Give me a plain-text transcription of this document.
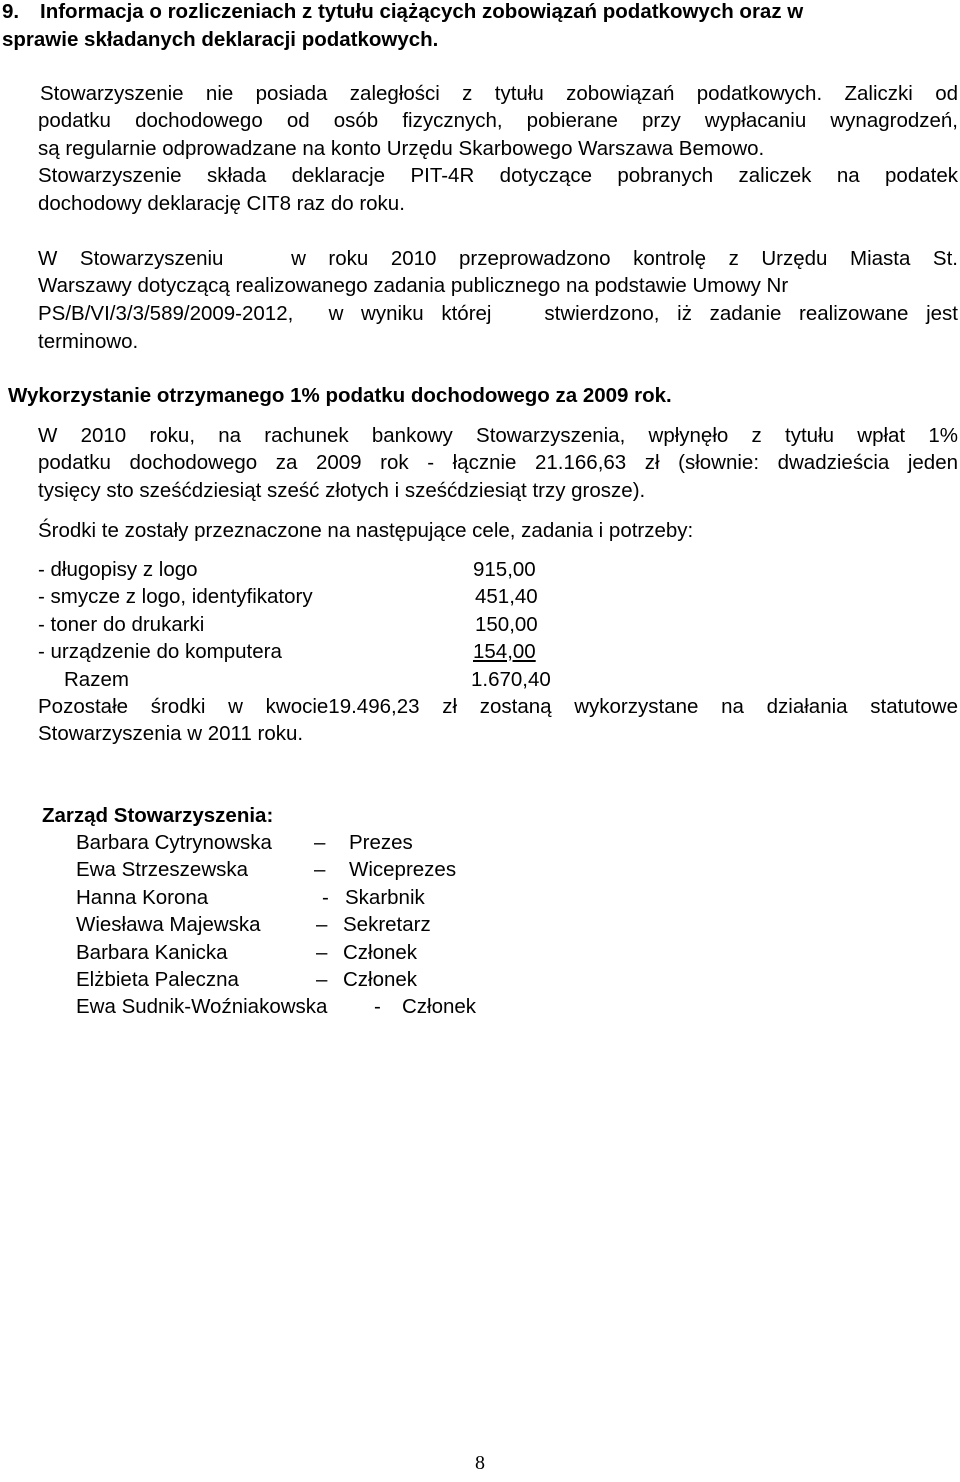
9. Informacja o rozliczeniach z tytułu ciążących zobowiązań podatkowych oraz w
sprawie składanych deklaracji podatkowych.
Stowarzyszenie nie posiada zaległości z tytułu zobowiązań podatkowych. Zaliczki od
podatku dochodowego od osób fizycznych, pobierane przy wypłacaniu wynagrodzeń,
są regularnie odprowadzane na konto Urzędu Skarbowego Warszawa Bemowo.
Stowarzyszenie składa deklaracje PIT-4R dotyczące pobranych zaliczek na podatek
dochodowy deklarację CIT8 raz do roku.
W Stowarzyszeniu   w roku 2010 przeprowadzono kontrolę z Urzędu Miasta St.
Warszawy dotyczącą realizowanego zadania publicznego na podstawie Umowy Nr
PS/B/VI/3/3/589/2009-2012,  w wyniku której   stwierdzono, iż zadanie realizowane jest
terminowo.
Wykorzystanie otrzymanego 1% podatku dochodowego za 2009 rok.
W 2010 roku, na rachunek bankowy Stowarzyszenia, wpłynęło z tytułu wpłat 1%
podatku dochodowego za 2009 rok - łącznie 21.166,63 zł (słownie: dwadzieścia jeden
tysięcy sto sześćdziesiąt sześć złotych i sześćdziesiąt trzy grosze).
Środki te zostały przeznaczone na następujące cele, zadania i potrzeby:
- długopisy z logo	915,00
- smycze z logo, identyfikatory	451,40
- toner do drukarki	150,00
- urządzenie do komputera	154,00
Razem	1.670,40
Pozostałe środki w kwocie19.496,23 zł zostaną wykorzystane na działania statutowe
Stowarzyszenia w 2011 roku.
Zarząd Stowarzyszenia:
Barbara Cytrynowska – Prezes
Ewa Strzeszewska	– Wiceprezes
Hanna Korona	- Skarbnik
Wiesława Majewska	– Sekretarz
Barbara Kanicka	– Członek
Elżbieta Paleczna	– Członek
Ewa Sudnik-Woźniakowska - Członek
8
